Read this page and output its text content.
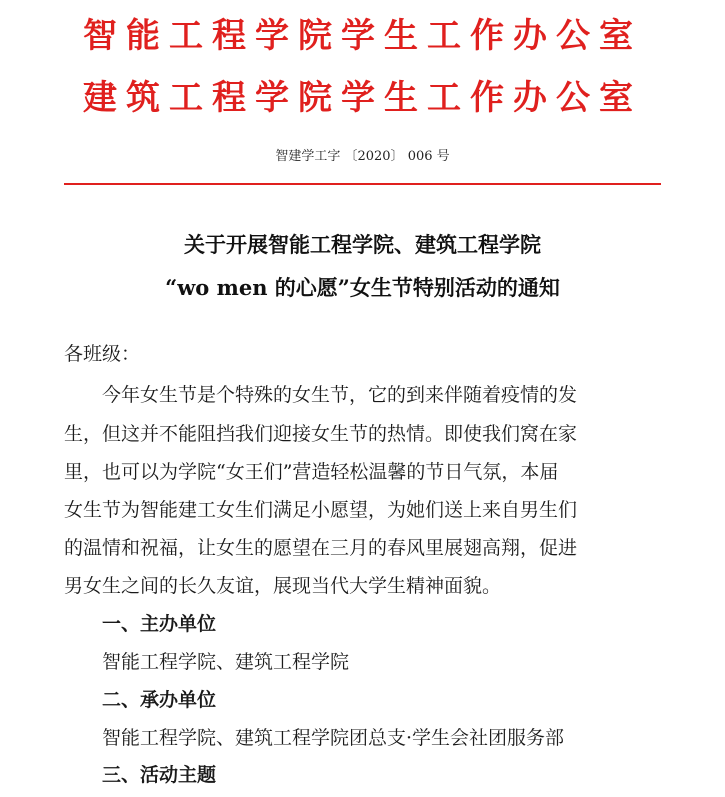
智能工程学院学生工作办公室
建筑工程学院学生工作办公室
智建学工字 〔2020〕 006 号
关于开展智能工程学院、建筑工程学院
“wo men 的心愿”女生节特别活动的通知
各班级：
今年女生节是个特殊的女生节，它的到来伴随着疫情的发
生，但这并不能阻挡我们迎接女生节的热情。即使我们窝在家
里，也可以为学院“女王们”营造轻松温馨的节日气氛，本届
女生节为智能建工女生们满足小愿望，为她们送上来自男生们
的温情和祝福，让女生的愿望在三月的春风里展翅高翔，促进
男女生之间的长久友谊，展现当代大学生精神面貌。
一、主办单位
智能工程学院、建筑工程学院
二、承办单位
智能工程学院、建筑工程学院团总支·学生会社团服务部
三、活动主题
